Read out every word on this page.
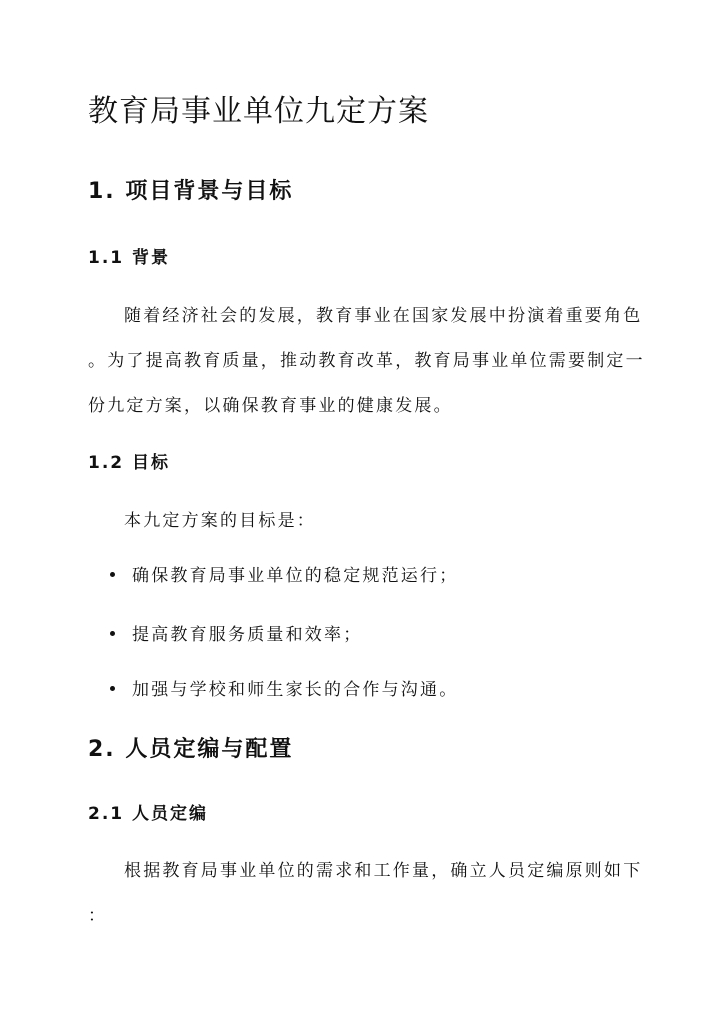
教育局事业单位九定方案
1. 项目背景与目标
1.1 背景

随着经济社会的发展，教育事业在国家发展中扮演着重要角色

。为了提高教育质量，推动教育改革，教育局事业单位需要制定一

份九定方案，以确保教育事业的健康发展。

1.2 目标

本九定方案的目标是：

确保教育局事业单位的稳定规范运行；

提高教育服务质量和效率；

加强与学校和师生家长的合作与沟通。

2. 人员定编与配置
2.1 人员定编

根据教育局事业单位的需求和工作量，确立人员定编原则如下

：
